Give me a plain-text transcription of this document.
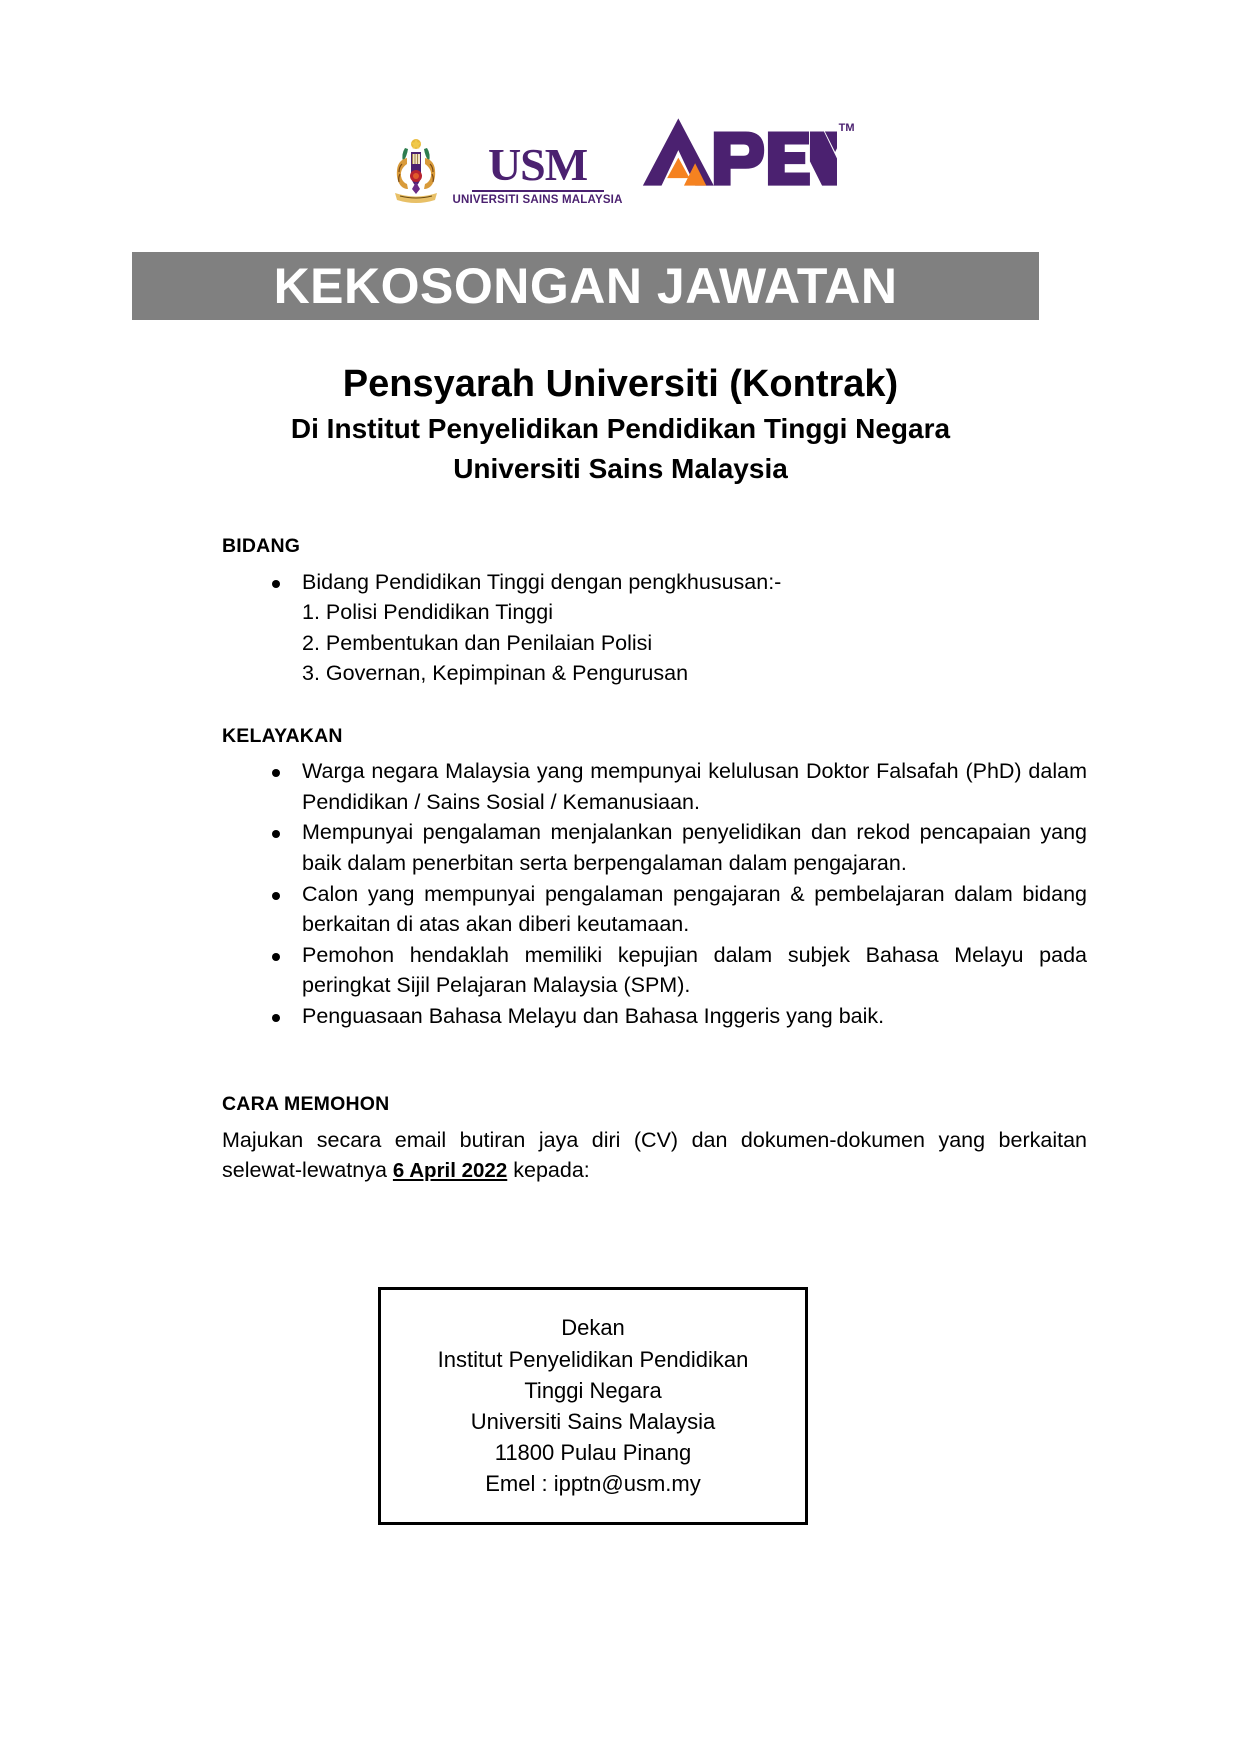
USM
UNIVERSITI SAINS MALAYSIA
TM
KEKOSONGAN JAWATAN
Pensyarah Universiti (Kontrak)
Di Institut Penyelidikan Pendidikan Tinggi Negara
Universiti Sains Malaysia
BIDANG
Bidang Pendidikan Tinggi dengan pengkhususan:-
1. Polisi Pendidikan Tinggi
2. Pembentukan dan Penilaian Polisi
3. Governan, Kepimpinan & Pengurusan
KELAYAKAN
Warga negara Malaysia yang mempunyai kelulusan Doktor Falsafah (PhD) dalam Pendidikan / Sains Sosial / Kemanusiaan.
Mempunyai pengalaman menjalankan penyelidikan dan rekod pencapaian yang baik dalam penerbitan serta berpengalaman dalam pengajaran.
Calon yang mempunyai pengalaman pengajaran & pembelajaran dalam bidang berkaitan di atas akan diberi keutamaan.
Pemohon hendaklah memiliki kepujian dalam subjek Bahasa Melayu pada peringkat Sijil Pelajaran Malaysia (SPM).
Penguasaan Bahasa Melayu dan Bahasa Inggeris yang baik.
CARA MEMOHON

Majukan secara email butiran jaya diri (CV) dan dokumen-dokumen yang berkaitan selewat-lewatnya 6 April 2022 kepada:

Dekan
Institut Penyelidikan Pendidikan
Tinggi Negara
Universiti Sains Malaysia
11800 Pulau Pinang
Emel : ipptn@usm.my
